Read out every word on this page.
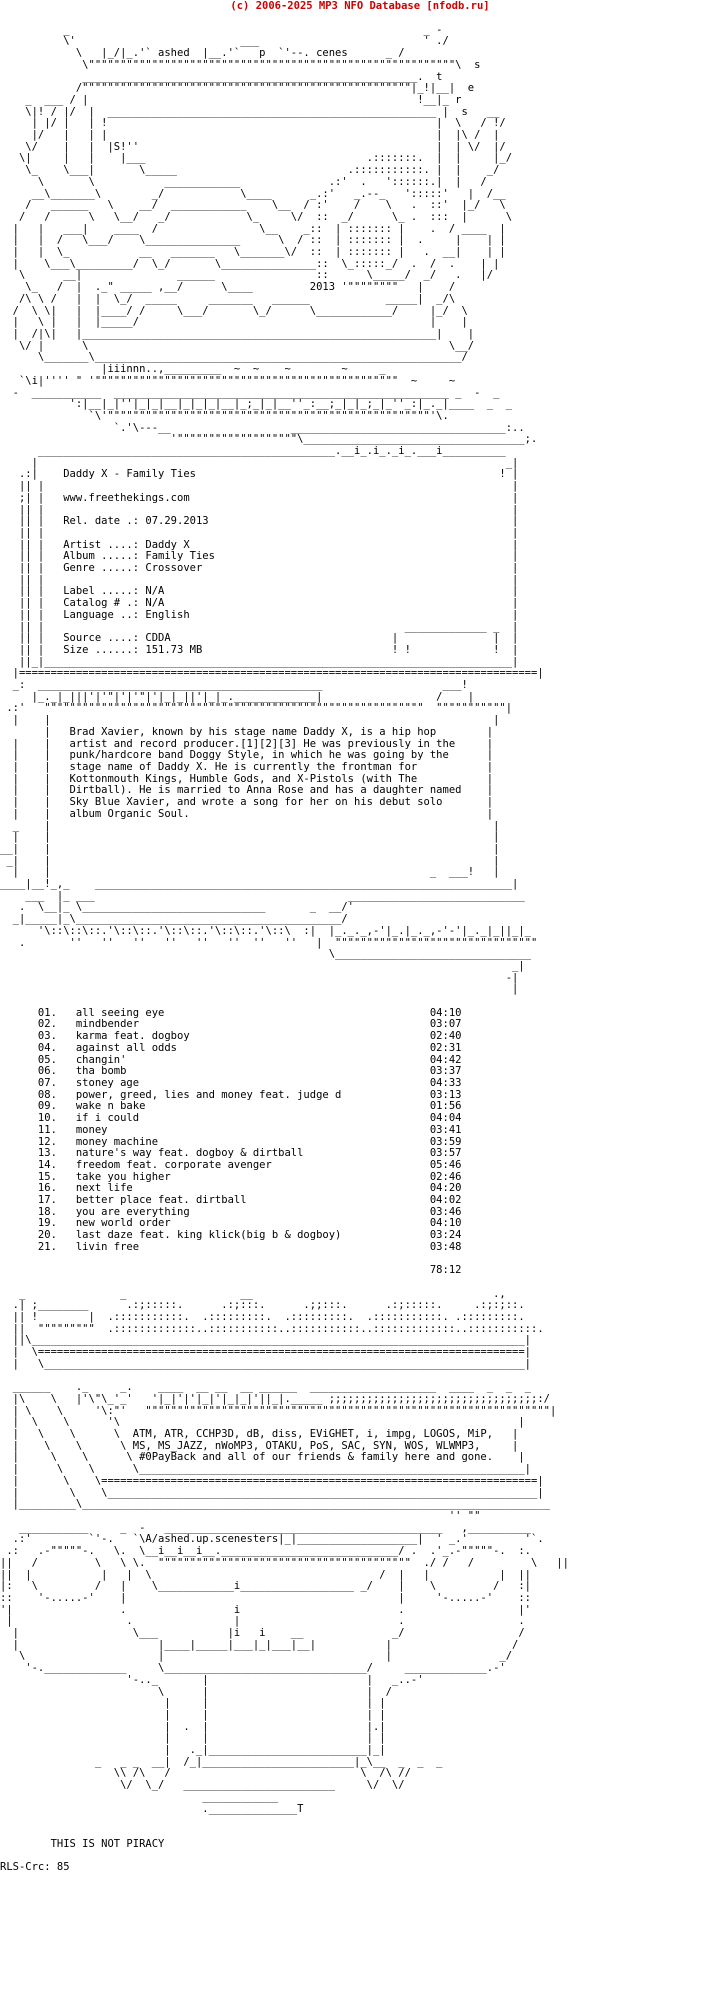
(c) 2006-2025 MP3 NFO Database [nfodb.ru]

_                                                        _ -
\'                          ___                          ' ./
\   |_/|_.'` ashed  |__.'`   p  `'--. cenes      _ /
\""""""""""""""""""""""""""""""""""""""""""""""""""""""""""\  s
_____________________________________________________.  t
/""""""""""""""""""""""""""""""""""""""""""""""""""""|_!|__|  e
_  ___ / |                                                    !__|_ r
\|! / |/  |  ____________________________________________________ |  s   __
| |/ |   | !                                                    |  \   / !/
|/   |   | |                                                    |  |\ /  |
\/    |   |  |S!''                                               |  | \/  |/
\|     |   |    |___                                   .:::::::.  |  |     |_/
\_    \___|       \_____                           .:::::::::::. |  |    _/
\       \           ____________              .:'  .   '::::::.|  |   /
__\_______\        _/            \____      _.:'   _.--_   ':::::'   |  /__
/   ______   \    __/  ____________    \__  / :'    /    \   .  ::'  |_/   \
/   /      \   \__/   _/            \_     \/  ::  _/      \_ .  :::  |      \
|   |   ___|    ____  /                \__    _::  | ::::::: |    .  / ____  |
|   |  /   \___/    \_______________      \  / ::  | ::::::: |  .     |    | |
|   |  \_           __   _______   \_______\/  ::  | ::::::: |   .  __|    | |
|    \___\_________/  \_/       \_______________::  \_:::::_/  .  /  .    | |
\      __|               ______                ::      \_____/  _/   .   |/
\_   /  |  ._" _____ ,__/      \____         2013 '""""""""   |    /
/\ \ /   |  |  \_/  _____     _______   ______            _____|  _/\
/  \ \|   |  |____/ /     \___/       \_/      \____________/     |_/  \
|   \ |   |  |_____/                                              |    |
|  /|\|   |________________________________________________________|    |
\/ |      \                                                         \__/
\_______\__________________________________________________________/
|iiinnn..,_________  ~  ~    ~        ~     _
`\i|'''' " '""""""""""""""""""""""""""""""""""""""""""""""""  ~     ~
-  ___________  _____________________________________________________ _  -  _
':|__|_|''|_|_|__|_|_|_|__|_;_|_|__''_:__;_|_|_;_|_''_:|_._|____  _  _
`\'"""""""""""""""""""""""""""""""""""""""""""""""""""'\.
`.'\---__                   __________________________________:..
'"""""""""""""""""""\___________________________________;.
_______________________________________________.__i_.i_._i_.___i__________
|                                                                          _|
.:|    Daddy X - Family Ties                                                ! |
|| |                                                                          |
;| |   www.freethekings.com                                                   |
|| |                                                                          |
|| |   Rel. date .: 07.29.2013                                                |
|| |                                                                          |
|| |   Artist ....: Daddy X                                                   |
|| |   Album .....: Family Ties                                               |
|| |   Genre .....: Crossover                                                 |
|| |                                                                          |
|| |   Label .....: N/A                                                       |
|| |   Catalog # .: N/A                                                       |
|| |   Language ..: English                                                   |
|| |                                                         _____________ _  |
|| |   Source ....: CDDA                                   |               |  |
|| |   Size ......: 151.73 MB                              ! !             !  |
||_|__________________________________________________________________________|
|==================================================================================|
_:  _____________________________________________                   ___!
|_._|_|||'|'"|'|'"|'|_|_||'|_|_._____________|                  /    |
.:'   """"""""""""""""""""""""""""""""""""""""""""""""""""""""""""  """""""""""|
|    |                                                                      |
|   Brad Xavier, known by his stage name Daddy X, is a hip hop        |
|    |   artist and record producer.[1][2][3] He was previously in the     |
|    |   punk/hardcore band Doggy Style, in which he was going by the      |
|    |   stage name of Daddy X. He is currently the frontman for           |
|    |   Kottonmouth Kings, Humble Gods, and X-Pistols (with The           |
|    |   Dirtball). He is married to Anna Rose and has a daughter named    |
|    |   Sky Blue Xavier, and wrote a song for her on his debut solo       |
|    |   album Organic Soul.                                               |
_    |                                                                      |
|    |                                                                      |
__|    |                                                                      |
_|    |                                                                      |
|    |                                                            _  ___!   |
____|__!_,_    __________________________________________________________________|
___  |_ ___                                        ____________________________
.  \__|_ \_____________________________       _  __/'
_|_____|_\__________________________________________/
'\::\::\::.'\::\::.'\::\::.'\::\::.'\::\  :|  |_._._,-'|_.|_._,-'-'|_._|_||_|_
.       ''   ''   ''   ''   ''   ''  ''   ''   |  """"""""""""""""""""""""""""""""
\_______________________________
_|
-|
|

01.   all seeing eye                                          04:10
02.   mindbender                                              03:07
03.   karma feat. dogboy                                      02:40
04.   against all odds                                        02:31
05.   changin'                                                04:42
06.   tha bomb                                                03:37
07.   stoney age                                              04:33
08.   power, greed, lies and money feat. judge d              03:13
09.   wake n bake                                             01:56
10.   if i could                                              04:04
11.   money                                                   03:41
12.   money machine                                           03:59
13.   nature's way feat. dogboy & dirtball                    03:57
14.   freedom feat. corporate avenger                         05:46
15.   take you higher                                         02:46
16.   next life                                               04:20
17.   better place feat. dirtball                             04:02
18.   you are everything                                      03:46
19.   new world order                                         04:10
20.   last daze feat. king klick(big b & dogboy)              03:24
21.   livin free                                              03:48

78:12

_               _                  __                                      .,
.| ;________      .:;:::::.      .:;:::.      .;;:::.      .:;:::::.     .:;:;::.
|| !        |  .:::::::::::.  .:::::::::.  .:::::::::.  .:::::::::::. .:::::::::.
||  """""""""  .:::::::::::::..:::::::::::..:::::::::::..:::::::::::::..:::::::::::.
||\______________________________________________________________________________|
|  \=============================================================================|
|   \____________________________________________________________________________|

______    ._     _.    ____  __ __  __ ______  ____________________  ____  _  _  _
|\    \   |'\"\_'_'   '|_|'|'|_|'|_|_|'||_|._____ ;;;;;;;;;;;;;;;;;;;;;;;;;;;;;;;;;:/
| \    \     '\:"'   """"""""""""""""""""""""""""""""""""""""""""""""""""""""""""""""|
|  \    \      '\                                                               |
|   \    \      \  ATM, ATR, CCHP3D, dB, diss, EViGHET, i, impg, LOGOS, MiP,   |
|    \    \      \ MS, MS_JAZZ, nWoMP3, OTAKU, PoS, SAC, SYN, WOS, WLWMP3,     |
|     \    \      \ #0PayBack and all of our friends & family here and gone.    |
|      \    \      \_____________________________________________________________|
|       \    \=====================================================================|
|        \    \____________________________________________________________________|
|_________\__________________________________________________________________________
'' ""
___________     _  -   ____________________________________________   ,__________
.:'         `'-.   `\A/ashed.up.scenesters|_|___________________|  ' _.'         '`.
.:   .-"""""-.   \.  \__i__i__i__.____________________________/ .  .'_.-"""""-.  :.
||   /         \   \ \.  """"""""""""""""""""""""""""""""""""""""  ./ /   /         \   ||
||  |           |   |  \                                    /  |   |           |  ||
|:   \         /   |    \____________i__________________ _/    |    \         /   :|
::    '-.....-'    |                                           |     '-.....-'    ::
'|                 .                 i                         .                  |'
|                  .                |                         .                  .
|                  \___           |i   i    __              _/                  /
|                      |____|_____|___|_|___|__|           |                   /
\                     |                                   |                 _/
'-._____________     \________________________________/     _____________.-'
'-.._       |                         |   _..-'
\      |                         |  /
|     |                         | |
|     |                         | |
|  .  |                         |.|
|     |                         | |
|   ._|_________________________|_|
_   _ _  __|  /_|________________________|_\__  _  _  _
\\ /\   /                              \  /\ //
\/  \_/   ________________________     \/  \/
____________
.______________T

THIS IS NOT PIRACY

RLS-Crc: 85
